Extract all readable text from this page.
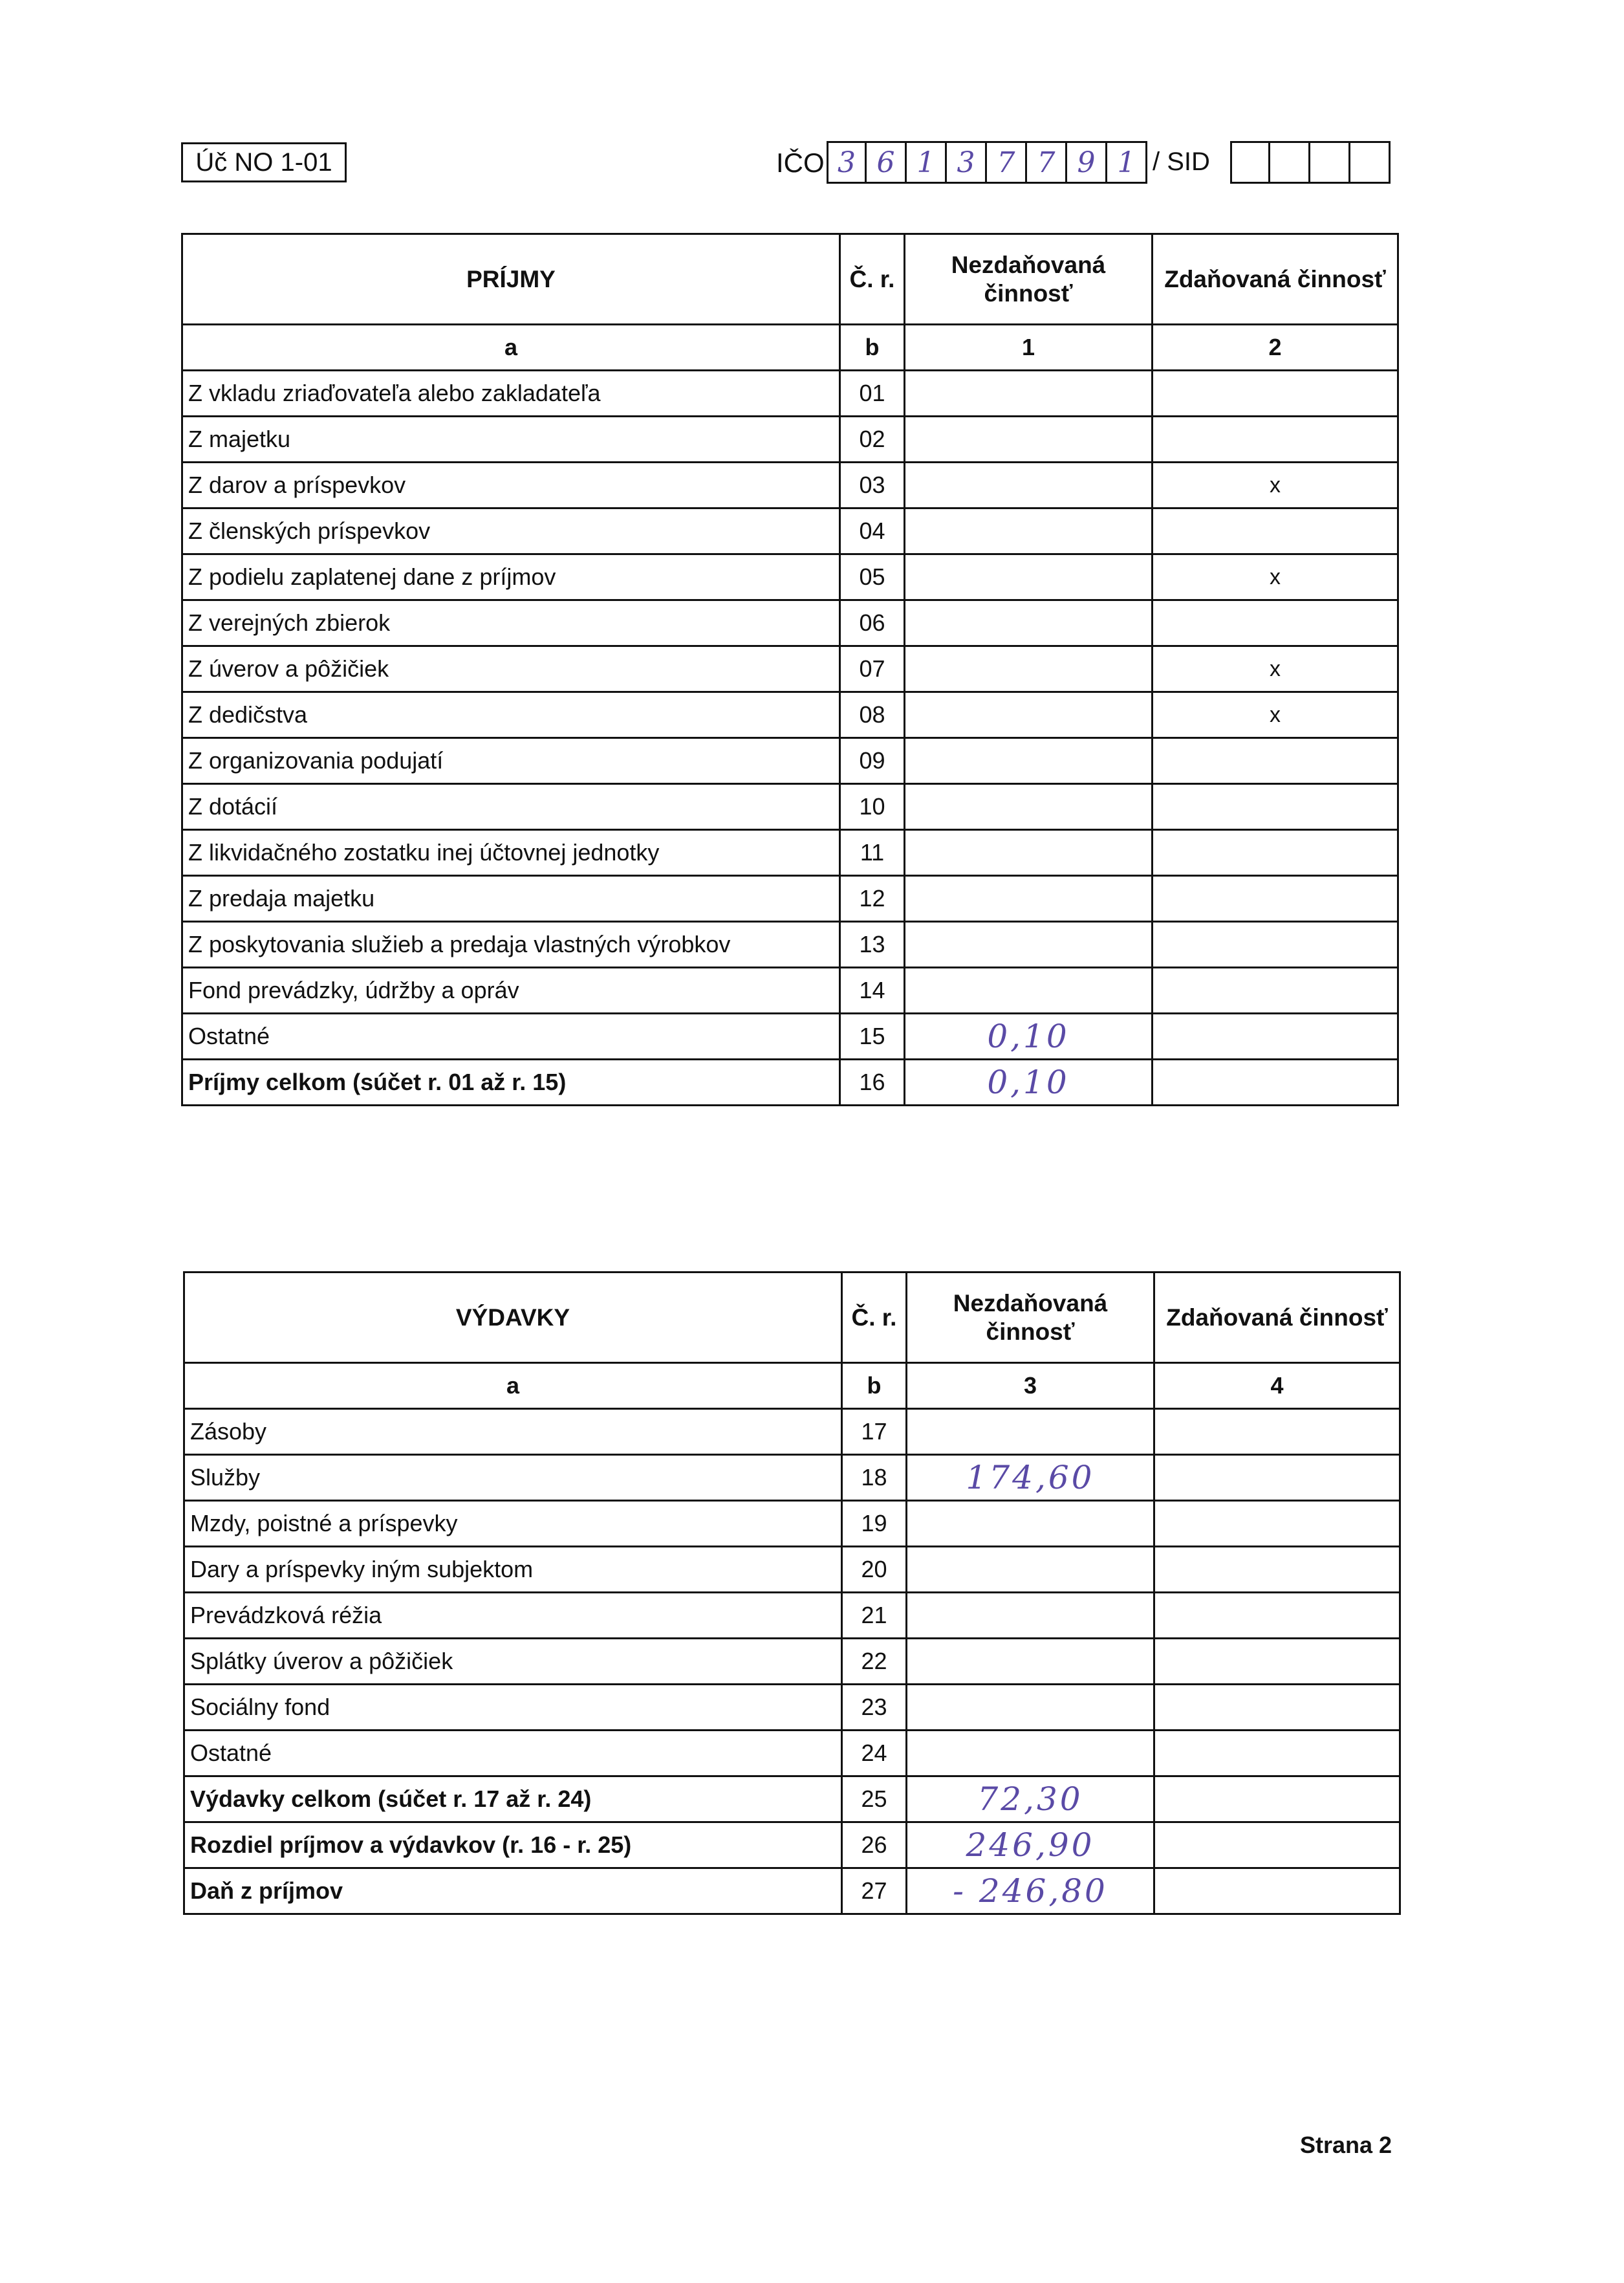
Úč NO 1-01	IČO 3 6 1 3 7 7 9 1 / SID
PRÍJMY	Č. r.	Nezdaňovaná činnosť	Zdaňovaná činnosť
a	b	1	2
Z vkladu zriaďovateľa alebo zakladateľa	01		
Z majetku	02		
Z darov a príspevkov	03		x
Z členských príspevkov	04		
Z podielu zaplatenej dane z príjmov	05		x
Z verejných zbierok	06		
Z úverov a pôžičiek	07		x
Z dedičstva	08		x
Z organizovania podujatí	09		
Z dotácií	10		
Z likvidačného zostatku inej účtovnej jednotky	11		
Z predaja majetku	12		
Z poskytovania služieb a predaja vlastných výrobkov	13		
Fond prevádzky, údržby a opráv	14		
Ostatné	15	0,10	
Príjmy celkom (súčet r. 01 až r. 15)	16	0,10	
VÝDAVKY	Č. r.	Nezdaňovaná činnosť	Zdaňovaná činnosť
a	b	3	4
Zásoby	17		
Služby	18	174,60	
Mzdy, poistné a príspevky	19		
Dary a príspevky iným subjektom	20		
Prevádzková réžia	21		
Splátky úverov a pôžičiek	22		
Sociálny fond	23		
Ostatné	24		
Výdavky celkom (súčet r. 17 až r. 24)	25	72,30	
Rozdiel príjmov a výdavkov (r. 16 - r. 25)	26	246,90	
Daň z príjmov	27	- 246,80	
Strana 2
